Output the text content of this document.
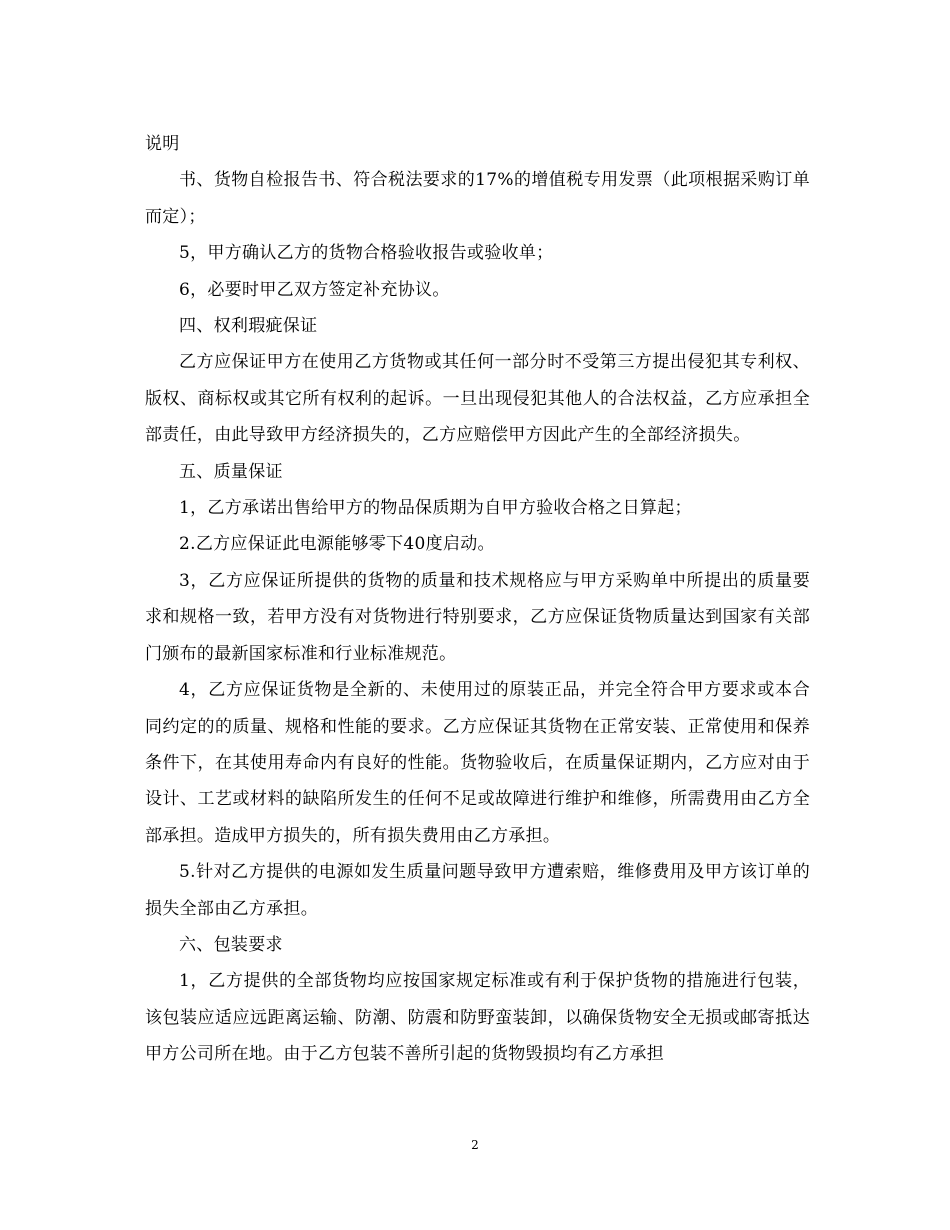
说明

书、货物自检报告书、符合税法要求的17%的增值税专用发票（此项根据采购订单而定）；

5，甲方确认乙方的货物合格验收报告或验收单；

6，必要时甲乙双方签定补充协议。

四、权利瑕疵保证

乙方应保证甲方在使用乙方货物或其任何一部分时不受第三方提出侵犯其专利权、版权、商标权或其它所有权利的起诉。一旦出现侵犯其他人的合法权益，乙方应承担全部责任，由此导致甲方经济损失的，乙方应赔偿甲方因此产生的全部经济损失。

五、质量保证

1，乙方承诺出售给甲方的物品保质期为自甲方验收合格之日算起；

2.乙方应保证此电源能够零下40度启动。

3，乙方应保证所提供的货物的质量和技术规格应与甲方采购单中所提出的质量要求和规格一致，若甲方没有对货物进行特别要求，乙方应保证货物质量达到国家有关部门颁布的最新国家标准和行业标准规范。

4，乙方应保证货物是全新的、未使用过的原装正品，并完全符合甲方要求或本合同约定的的质量、规格和性能的要求。乙方应保证其货物在正常安装、正常使用和保养条件下，在其使用寿命内有良好的性能。货物验收后，在质量保证期内，乙方应对由于设计、工艺或材料的缺陷所发生的任何不足或故障进行维护和维修，所需费用由乙方全部承担。造成甲方损失的，所有损失费用由乙方承担。

5.针对乙方提供的电源如发生质量问题导致甲方遭索赔，维修费用及甲方该订单的损失全部由乙方承担。

六、包装要求

1，乙方提供的全部货物均应按国家规定标准或有利于保护货物的措施进行包装，该包装应适应远距离运输、防潮、防震和防野蛮装卸，以确保货物安全无损或邮寄抵达甲方公司所在地。由于乙方包装不善所引起的货物毁损均有乙方承担

2
